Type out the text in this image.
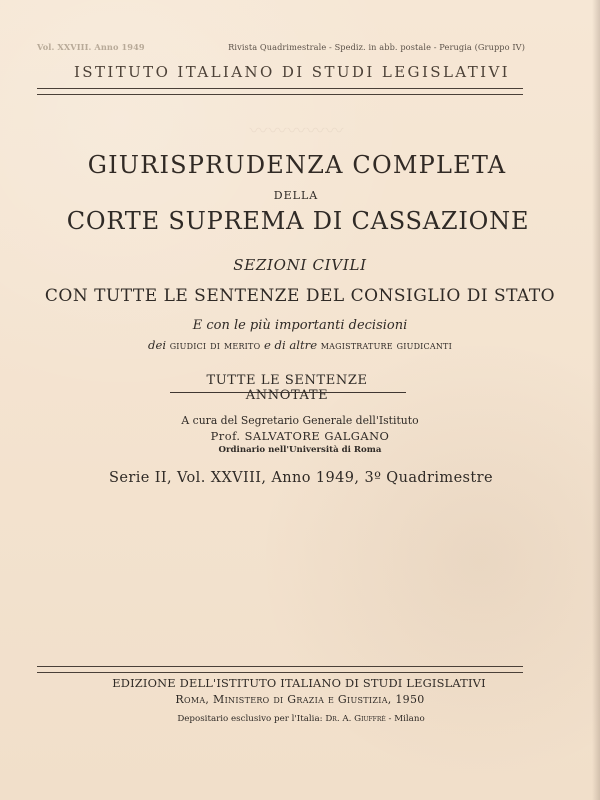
〰〰〰〰〰
Vol. XXVIII. Anno 1949	Rivista Quadrimestrale - Spediz. in abb. postale - Perugia (Gruppo IV)
ISTITUTO ITALIANO DI STUDI LEGISLATIVI
GIURISPRUDENZA COMPLETA
DELLA
CORTE SUPREMA DI CASSAZIONE
SEZIONI CIVILI
CON TUTTE LE SENTENZE DEL CONSIGLIO DI STATO
E con le più importanti decisioni
dei giudici di merito e di altre magistrature giudicanti
TUTTE LE SENTENZE ANNOTATE
A cura del Segretario Generale dell'Istituto
Prof. SALVATORE GALGANO
Ordinario nell'Università di Roma
Serie II, Vol. XXVIII, Anno 1949, 3º Quadrimestre
EDIZIONE DELL'ISTITUTO ITALIANO DI STUDI LEGISLATIVI
Roma, Ministero di Grazia e Giustizia, 1950
Depositario esclusivo per l'Italia: Dr. A. Giuffrè - Milano
